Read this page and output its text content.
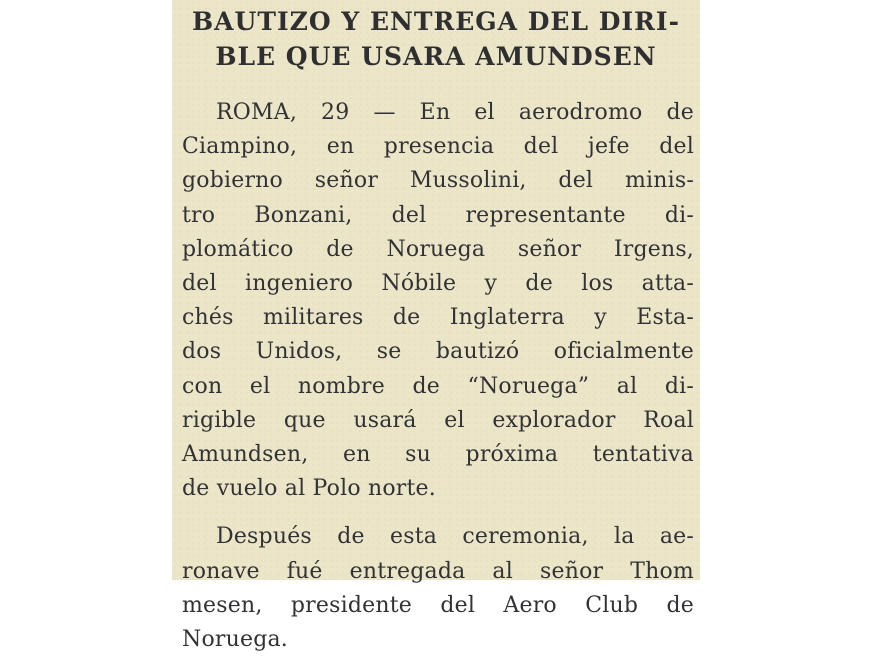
BAUTIZO Y ENTREGA DEL DIRI-
BLE QUE USARA AMUNDSEN
ROMA, 29 — En el aerodromo de
Ciampino, en presencia del jefe del
gobierno señor Mussolini, del minis-
tro Bonzani, del representante di-
plomático de Noruega señor Irgens,
del ingeniero Nóbile y de los atta-
chés militares de Inglaterra y Esta-
dos Unidos, se bautizó oficialmente
con el nombre de “Noruega” al di-
rigible que usará el explorador Roal
Amundsen, en su próxima tentativa
de vuelo al Polo norte.
Después de esta ceremonia, la ae-
ronave fué entregada al señor Thom
mesen, presidente del Aero Club de
Noruega.
